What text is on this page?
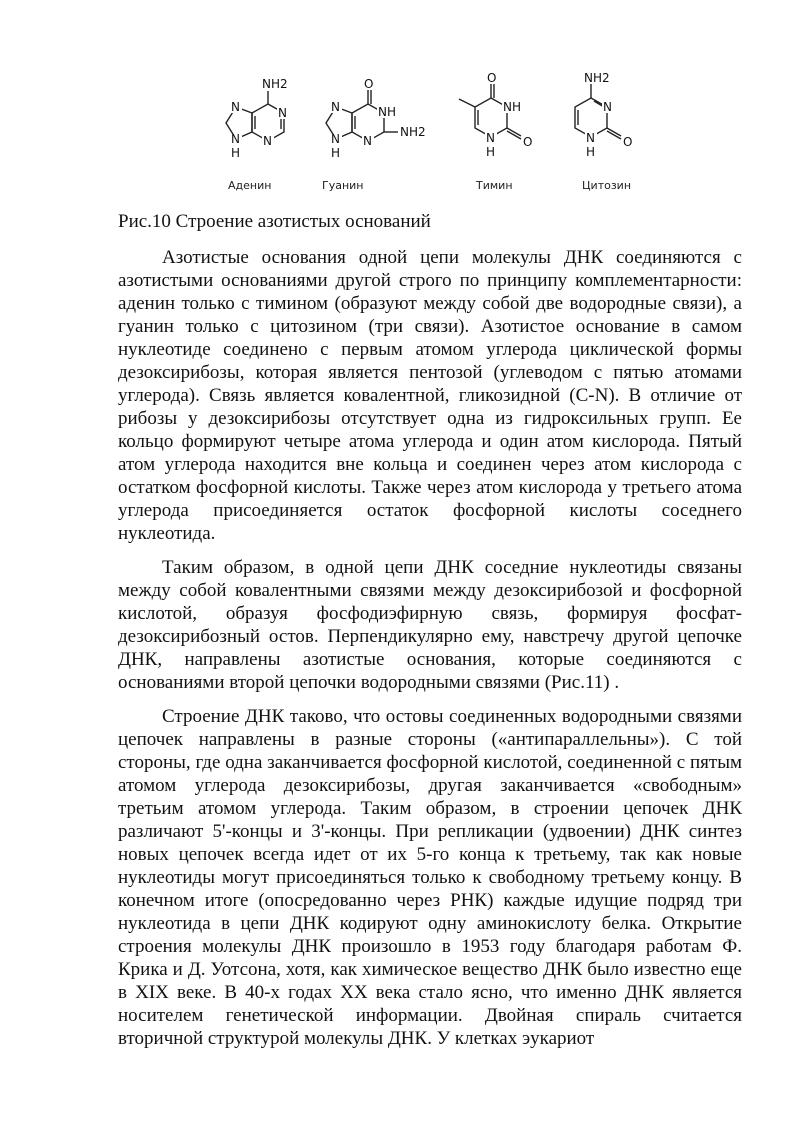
NH2
N
N
N
N
H
O
NH
NH2
N
N
N
H
O
NH
O
N
H
NH2
N
O
N
H
Аденин	Гуанин	Тимин	Цитозин

Рис.10 Строение азотистых оснований

Азотистые основания одной цепи молекулы ДНК соединяются с азотистыми основаниями другой строго по принципу комплементарности: аденин только с тимином (образуют между собой две водородные связи), а гуанин только с цитозином (три связи). Азотистое основание в самом нуклеотиде соединено с первым атомом углерода циклической формы дезоксирибозы, которая является пентозой (углеводом с пятью атомами углерода). Связь является ковалентной, гликозидной (C-N). В отличие от рибозы у дезоксирибозы отсутствует одна из гидроксильных групп. Ее кольцо формируют четыре атома углерода и один атом кислорода. Пятый атом углерода находится вне кольца и соединен через атом кислорода с остатком фосфорной кислоты. Также через атом кислорода у третьего атома углерода присоединяется остаток фосфорной кислоты соседнего нуклеотида.

Таким образом, в одной цепи ДНК соседние нуклеотиды связаны между собой ковалентными связями между дезоксирибозой и фосфорной кислотой, образуя фосфодиэфирную связь, формируя фосфат-дезоксирибозный остов. Перпендикулярно ему, навстречу другой цепочке ДНК, направлены азотистые основания, которые соединяются с основаниями второй цепочки водородными связями (Рис.11) .

Строение ДНК таково, что остовы соединенных водородными связями цепочек направлены в разные стороны («антипараллельны»). С той стороны, где одна заканчивается фосфорной кислотой, соединенной с пятым атомом углерода дезоксирибозы, другая заканчивается «свободным» третьим атомом углерода. Таким образом, в строении цепочек ДНК различают 5'-концы и 3'-концы. При репликации (удвоении) ДНК синтез новых цепочек всегда идет от их 5-го конца к третьему, так как новые нуклеотиды могут присоединяться только к свободному третьему концу. В конечном итоге (опосредованно через РНК) каждые идущие подряд три нуклеотида в цепи ДНК кодируют одну аминокислоту белка. Открытие строения молекулы ДНК произошло в 1953 году благодаря работам Ф. Крика и Д. Уотсона, хотя, как химическое вещество ДНК было известно еще в XIX веке. В 40-х годах XX века стало ясно, что именно ДНК является носителем генетической информации. Двойная спираль считается вторичной структурой молекулы ДНК. У клетках эукариот
